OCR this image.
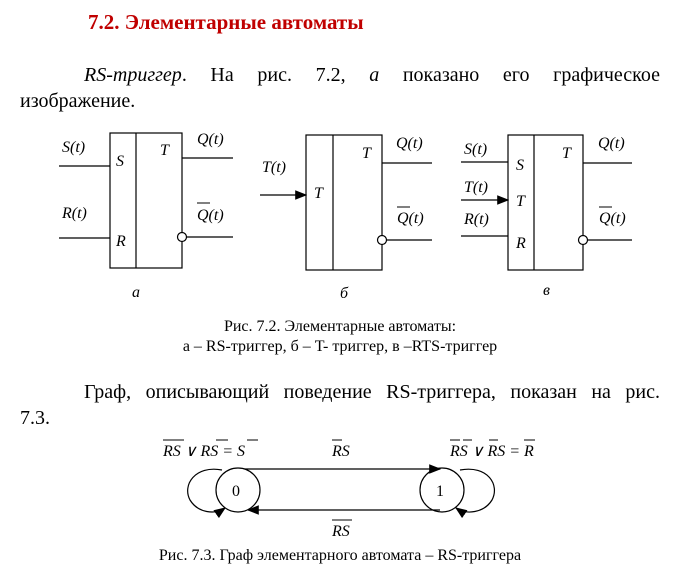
7.2. Элементарные автоматы
RS-триггер. На рис. 7.2, а показано его графическое
изображение.
S(t)
R(t)
S
R
T
Q(t)
Q(t)
а
T(t)
T
T
Q(t)
Q(t)
б
S(t)
T(t)
R(t)
S
T
R
T
Q(t)
Q(t)
в
0	1
RS ∨ RS = S	RS ∨ RS = R
RS
RS
Рис. 7.2. Элементарные автоматы:
а – RS-триггер, б – T- триггер, в –RTS-триггер
Граф, описывающий поведение RS-триггера, показан на рис.
7.3.
Рис. 7.3. Граф элементарного автомата – RS-триггера
